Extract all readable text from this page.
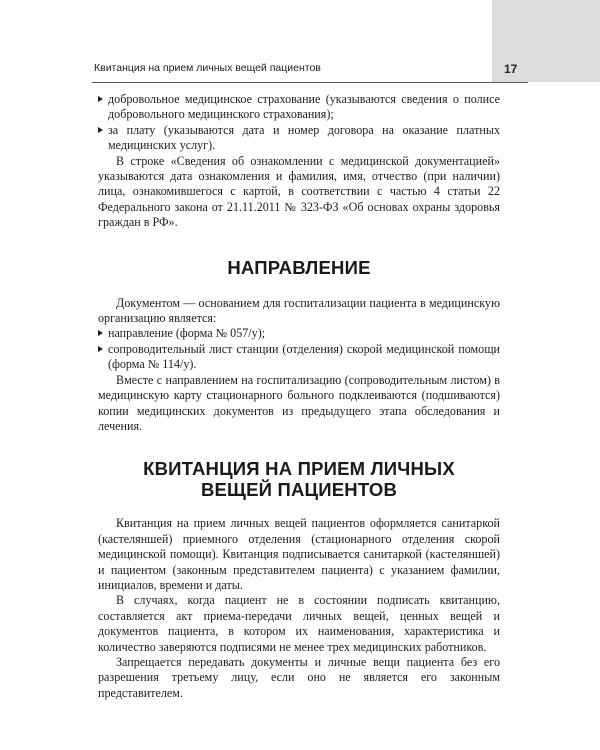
17
Квитанция на прием личных вещей пациентов

добровольное медицинское страхование (указываются сведения о полисе добровольного медицинского страхования);

за плату (указываются дата и номер договора на оказание платных медицинских услуг).

В строке «Сведения об ознакомлении с медицинской документацией» указываются дата ознакомления и фамилия, имя, отчество (при наличии) лица, ознакомившегося с картой, в соответствии с частью 4 статьи 22 Федерального закона от 21.11.2011 № 323-ФЗ «Об основах охраны здоровья граждан в РФ».

НАПРАВЛЕНИЕ

Документом — основанием для госпитализации пациента в медицинскую организацию является:

направление (форма № 057/у);

сопроводительный лист станции (отделения) скорой медицинской помощи (форма № 114/у).

Вместе с направлением на госпитализацию (сопроводительным листом) в медицинскую карту стационарного больного подклеиваются (подшиваются) копии медицинских документов из предыдущего этапа обследования и лечения.

КВИТАНЦИЯ НА ПРИЕМ ЛИЧНЫХ
ВЕЩЕЙ ПАЦИЕНТОВ

Квитанция на прием личных вещей пациентов оформляется санитаркой (кастеляншей) приемного отделения (стационарного отделения скорой медицинской помощи). Квитанция подписывается санитаркой (кастеляншей) и пациентом (законным представителем пациента) с указанием фамилии, инициалов, времени и даты.

В случаях, когда пациент не в состоянии подписать квитанцию, составляется акт приема-передачи личных вещей, ценных вещей и документов пациента, в котором их наименования, характеристика и количество заверяются подписями не менее трех медицинских работников.

Запрещается передавать документы и личные вещи пациента без его разрешения третьему лицу, если оно не является его законным представителем.
